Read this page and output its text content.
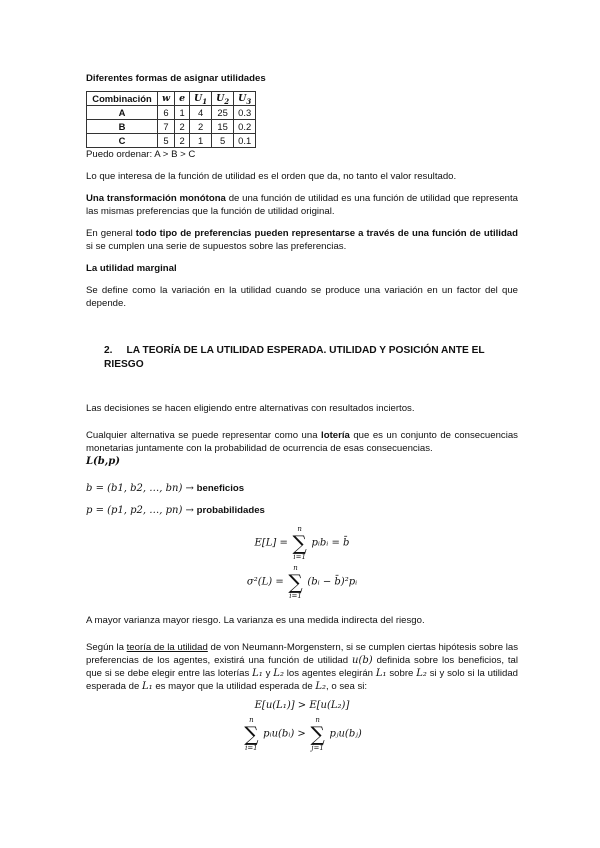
Diferentes formas de asignar utilidades
Combinación	w	e	$U_1$	$U_2$	$U_3$
A	6	1	4	25	0.3
B	7	2	2	15	0.2
C	5	2	1	5	0.1
Puedo ordenar: A > B > C
Lo que interesa de la función de utilidad es el orden que da, no tanto el valor resultado.
Una transformación monótona de una función de utilidad es una función de utilidad que representa las mismas preferencias que la función de utilidad original.
En general todo tipo de preferencias pueden representarse a través de una función de utilidad si se cumplen una serie de supuestos sobre las preferencias.
La utilidad marginal
Se define como la variación en la utilidad cuando se produce una variación en un factor del que depende.
2. LA TEORÍA DE LA UTILIDAD ESPERADA. UTILIDAD Y POSICIÓN ANTE EL RIESGO
Las decisiones se hacen eligiendo entre alternativas con resultados inciertos.
Cualquier alternativa se puede representar como una lotería que es un conjunto de consecuencias monetarias juntamente con la probabilidad de ocurrencia de esas consecuencias.
L(b,p)
b = (b1, b2, …, bn) → beneficios
p = (p1, p2, …, pn) → probabilidades
E[L] =
n
∑
i=1
pᵢbᵢ = b̄
σ²(L) =
n
∑
i=1
(bᵢ − b̄)²pᵢ
A mayor varianza mayor riesgo. La varianza es una medida indirecta del riesgo.
Según la teoría de la utilidad de von Neumann-Morgenstern, si se cumplen ciertas hipótesis sobre las preferencias de los agentes, existirá una función de utilidad u(b) definida sobre los beneficios, tal que si se debe elegir entre las loterías L₁ y L₂ los agentes elegirán L₁ sobre L₂ si y solo si la utilidad esperada de L₁ es mayor que la utilidad esperada de L₂, o sea si:
E[u(L₁)] > E[u(L₂)]
n
∑
i=1
pᵢu(bᵢ) >
n
∑
j=1
pⱼu(bⱼ)
